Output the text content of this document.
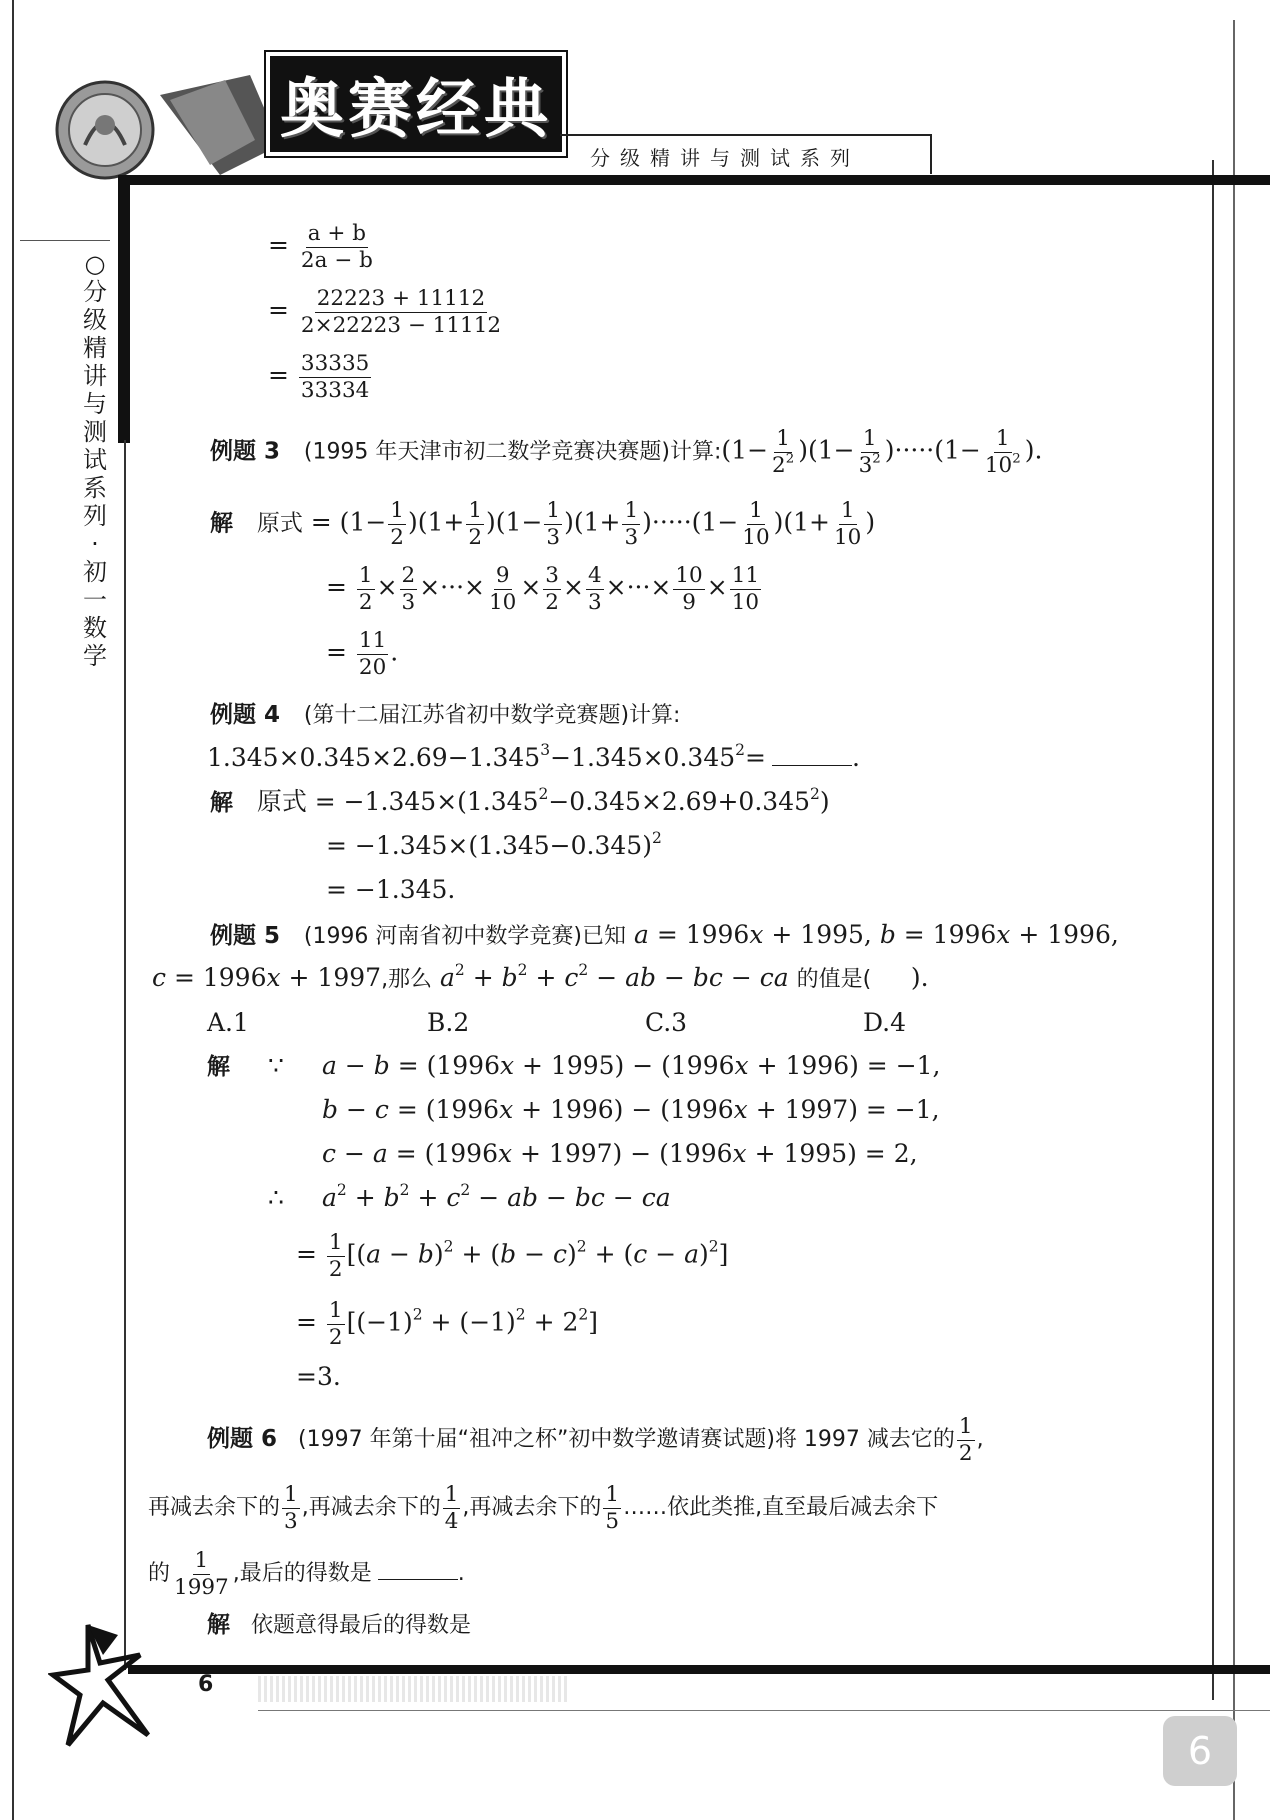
奥赛经典
分级精讲与测试系列
○
分
级
精
讲
与
测
试
系
列
·
初
一
数
学
= $\frac{a + b}{2a - b}$
= $\frac{22223 + 11112}{2\times 22223 - 11112}$
= $\frac{33335}{33334}$
例题 3 (1995 年天津市初二数学竞赛决赛题)计算:(1− $\frac{1}{2^2} )(1- \frac{1}{3^2} )\cdot\cdot\cdot\cdot\cdot(1- \frac{1}{10^2}$ ).
解 原式 = $(1- \frac{1}{2} )(1+ \frac{1}{2} )(1- \frac{1}{3} )(1+ \frac{1}{3} )\cdot\cdot\cdot\cdot\cdot(1- \frac{1}{10} )(1+ \frac{1}{10}$ )
= $\frac{1}{2} \times \frac{2}{3}$ ×···× $\frac{9}{10} \times \frac{3}{2} \times \frac{4}{3}$ ×···× $\frac{10}{9} \times \frac{11}{10}$
= $\frac{11}{20}$ .
例题 4 (第十二届江苏省初中数学竞赛题)计算:
$1.345\times 0.345\times 2.69-1.345^3-1.345\times 0.345^2=$	.
解 原式 = $-1.345\times(1.345^2-0.345\times 2.69+0.345^2)$
= $-1.345\times(1.345-0.345)^2$
= −1.345.
例题 5 (1996 河南省初中数学竞赛)已知 a = 1996x + 1995, b = 1996x + 1996,
c = 1996x + 1997,那么 $a^2 + b^2 + c^2$ − ab − bc − ca 的值是( ).
A.1	B.2	C.3	D.4
解 ∵ a − b = (1996x + 1995) − (1996x + 1996) = −1,
b − c = (1996x + 1996) − (1996x + 1997) = −1,
c − a = (1996x + 1997) − (1996x + 1995) = 2,
∴ $a^2 + b^2 + c^2$ − ab − bc − ca
= $\frac{1}{2} [(a - b)^2 + (b - c)^2 + (c - a)^2]$
= $\frac{1}{2} [(-1)^2 + (-1)^2 + 2^2]$
=3.
例题 6 (1997 年第十届“祖冲之杯”初中数学邀请赛试题)将 1997 减去它的 $\frac{1}{2}$ ,
再减去余下的 $\frac{1}{3}$ ,再减去余下的 $\frac{1}{4}$ ,再减去余下的 $\frac{1}{5}$ ……依此类推,直至最后减去余下
的 $\frac{1}{1997}$ ,最后的得数是	.
解 依题意得最后的得数是
6
6
